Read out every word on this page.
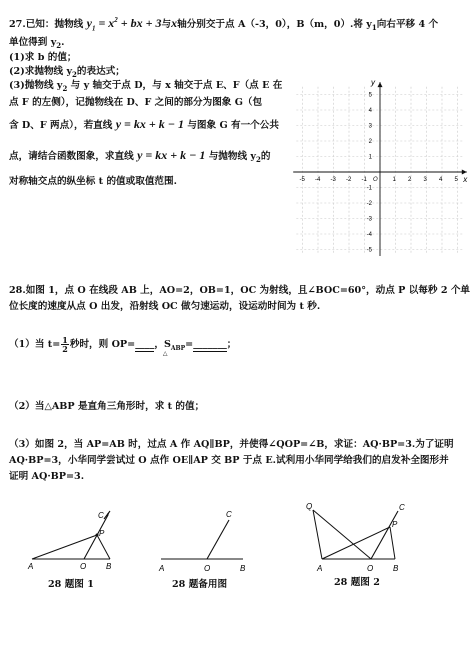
27.已知：抛物线 $y_1 = x^2$ + bx + 3与x轴分别交于点 A（-3，0），B（m，0）.将 $y_1$向右平移 4 个
单位得到 $y_2$.
(1)求 b 的值；
(2)求抛物线 $y_2$的表达式；
(3)抛物线 $y_2$ 与 y 轴交于点 D，与 x 轴交于点 E、F（点 E 在
点 F 的左侧），记抛物线在 D、F 之间的部分为图象 G（包
含 D、F 两点），若直线 y = kx + k − 1 与图象 G 有一个公共
点，请结合函数图象，求直线 y = kx + k − 1 与抛物线 $y_2$的
对称轴交点的纵坐标 t 的值或取值范围.	-5 -4 -3 -2 -1	1 2 3 4 5
5
4
3
2
1
-1
-2
-3
-4
-5
y
x
O
28.如图 1，点 O 在线段 AB 上，AO=2，OB=1，OC 为射线，且∠BOC=60°，动点 P 以每秒 2 个单
位长度的速度从点 O 出发，沿射线 OC 做匀速运动，设运动时间为 t 秒.
（1）当 $t= \frac{1}{2}$ 秒时，则 OP=____，$S_{ABP}$
△
=_______；
（2）当△ABP 是直角三角形时，求 t 的值；
（3）如图 2，当 AP=AB 时，过点 A 作 AQ∥BP，并使得∠QOP=∠B，求证：AQ·BP=3.为了证明
AQ·BP=3，小华同学尝试过 O 点作 OE∥AP 交 BP 于点 E.试利用小华同学给我们的启发补全图形并
证明 AQ·BP=3.
A	O B
C
P
28 题图 1
A	O	B
C
28 题备用图
A	O B
C
P
Q
28 题图 2
